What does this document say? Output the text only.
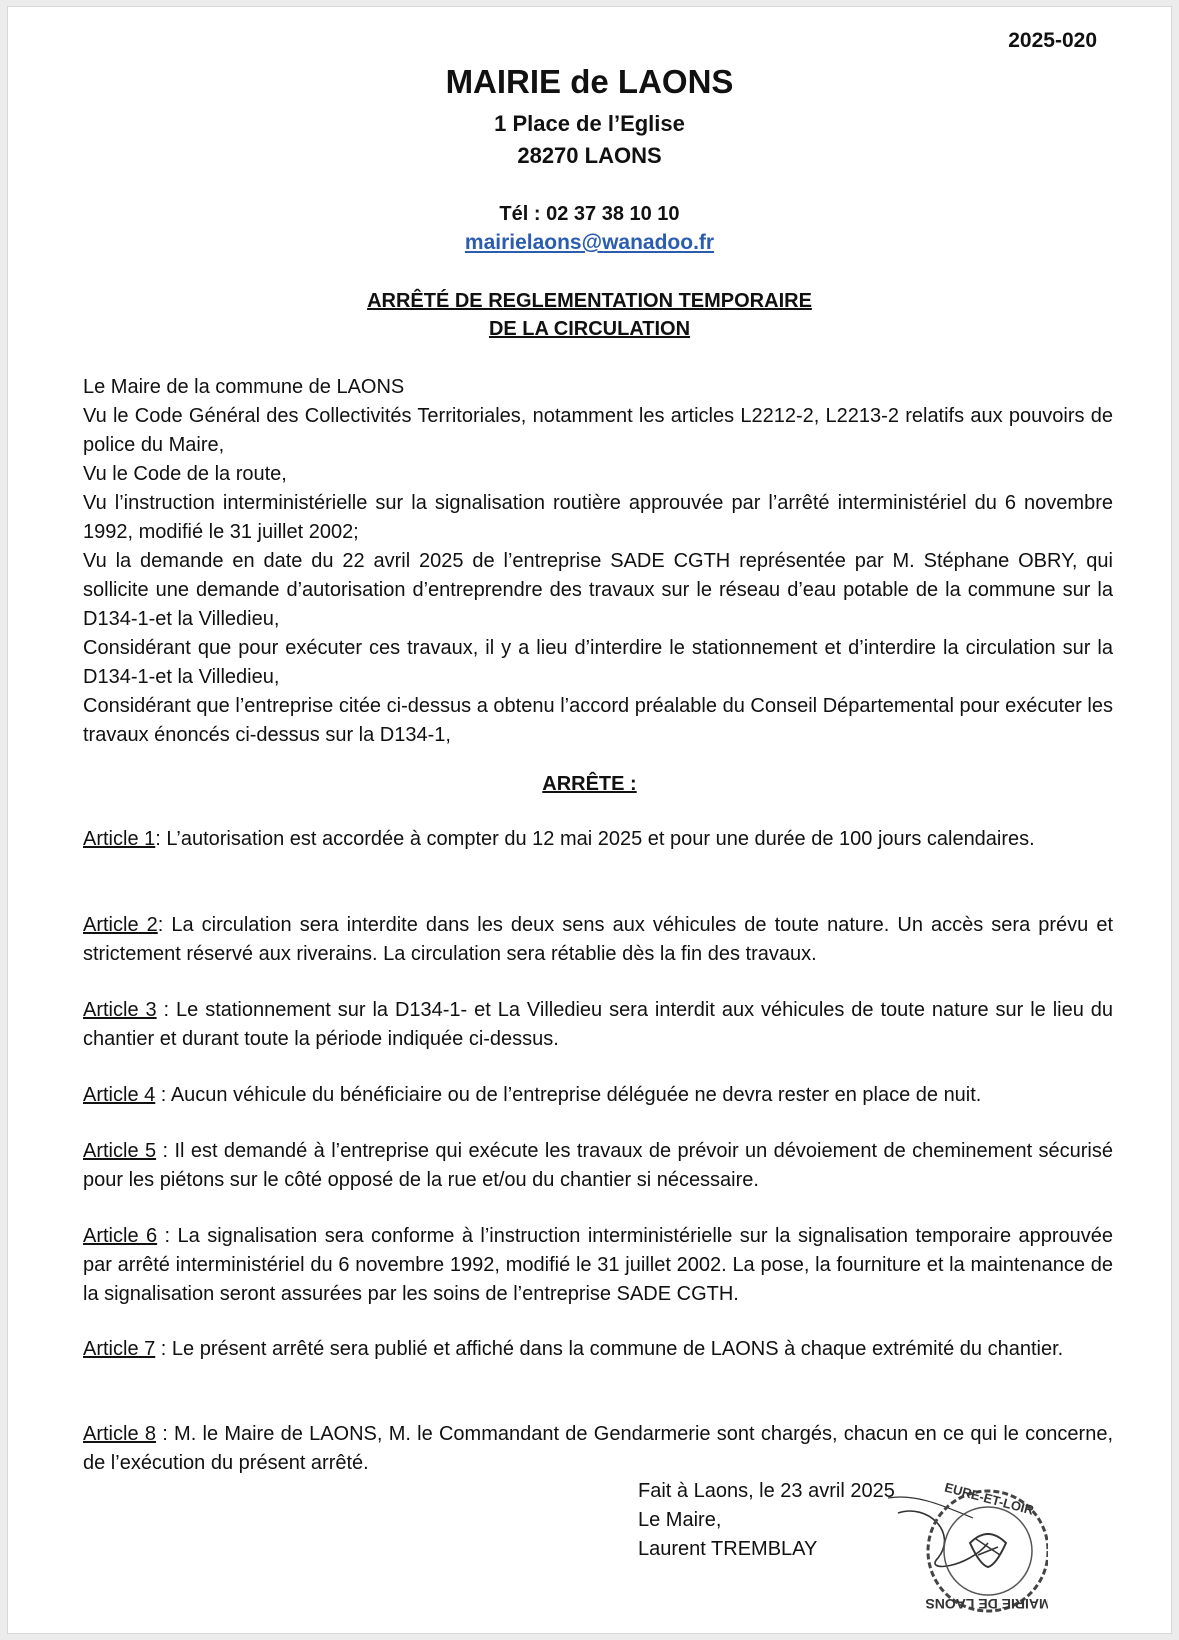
2025-020
MAIRIE de LAONS
1 Place de l’Eglise
28270 LAONS
Tél : 02 37 38 10 10
mairielaons@wanadoo.fr
ARRÊTÉ DE REGLEMENTATION TEMPORAIRE
DE LA CIRCULATION

Le Maire de la commune de LAONS

Vu le Code Général des Collectivités Territoriales, notamment les articles L2212-2, L2213-2 relatifs aux pouvoirs de police du Maire,

Vu le Code de la route,

Vu l’instruction interministérielle sur la signalisation routière approuvée par l’arrêté interministériel du 6 novembre 1992, modifié le 31 juillet 2002;

Vu la demande en date du 22 avril 2025 de l’entreprise SADE CGTH représentée par M. Stéphane OBRY, qui sollicite une demande d’autorisation d’entreprendre des travaux sur le réseau d’eau potable de la commune sur la D134-1-et la Villedieu,

Considérant que pour exécuter ces travaux, il y a lieu d’interdire le stationnement et d’interdire la circulation sur la D134-1-et la Villedieu,

Considérant que l’entreprise citée ci-dessus a obtenu l’accord préalable du Conseil Départemental pour exécuter les travaux énoncés ci-dessus sur la D134-1,

ARRÊTE :
Article 1: L’autorisation est accordée à compter du 12 mai 2025 et pour une durée de 100 jours calendaires.
Article 2: La circulation sera interdite dans les deux sens aux véhicules de toute nature. Un accès sera prévu et strictement réservé aux riverains. La circulation sera rétablie dès la fin des travaux.
Article 3 : Le stationnement sur la D134-1- et La Villedieu sera interdit aux véhicules de toute nature sur le lieu du chantier et durant toute la période indiquée ci-dessus.
Article 4 : Aucun véhicule du bénéficiaire ou de l’entreprise déléguée ne devra rester en place de nuit.
Article 5 : Il est demandé à l’entreprise qui exécute les travaux de prévoir un dévoiement de cheminement sécurisé pour les piétons sur le côté opposé de la rue et/ou du chantier si nécessaire.
Article 6 : La signalisation sera conforme à l’instruction interministérielle sur la signalisation temporaire approuvée par arrêté interministériel du 6 novembre 1992, modifié le 31 juillet 2002. La pose, la fourniture et la maintenance de la signalisation seront assurées par les soins de l’entreprise SADE CGTH.
Article 7 : Le présent arrêté sera publié et affiché dans la commune de LAONS à chaque extrémité du chantier.
Article 8 : M. le Maire de LAONS, M. le Commandant de Gendarmerie sont chargés, chacun en ce qui le concerne, de l’exécution du présent arrêté.
Fait à Laons, le 23 avril 2025
Le Maire,
Laurent TREMBLAY
EURE-ET-LOIR
MAIRIE DE LAONS
